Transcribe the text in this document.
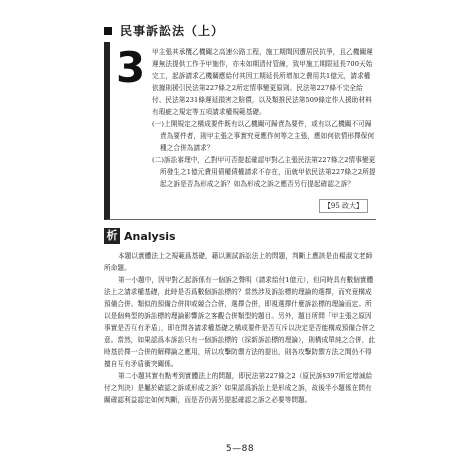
民事訴訟法（上）
3	甲主張其承攬乙機關之高速公路工程，施工期間因遭居民抗爭，且乙機關遲遲無法提供工作予甲施作，亦未如期清付管線，致甲施工期限延長700天始完工，起訴請求乙機關應給付其因工期延長所增加之費用共1億元，請求權依據則援引民法第227條之2所定情事變更原則、民法第227條不完全給付、民法第231條遲延損害之賠償，以及類推民法第509條定作人援助材料有瑕疵之規定等五項請求權規範基礎。

(一)上開規定之構成要件既有以乙機關可歸責為要件，或有以乙機關不可歸責為要件者，則甲主張之事實究竟應作何等之主張，應如何依情形擇保何種之合併為請求？

(二)訴訟審理中，乙對甲可否提起確認甲對乙主張民法第227條之2情事變更所發生之1億元費用債權債權請求不存在，而就甲依民法第227條之2所提起之訴是否為形成之訴？如為形成之訴之應否另行提起確認之訴？

【95 政大】
析 Analysis

本題以實體法上之規範爲基礎，藉以測試訴訟法上的問題，判斷上應該是由楊淑文老師所命題。

第一小題中，因甲對乙起訴係有一個訴之聲明（請求給付1億元），但同時具有數個實體法上之請求權基礎，此時是否爲數個訴訟標的？當然涉及訴訟標的理論的選擇，而究竟構成預備合併、類似的預備合併抑或競合合併，選擇合併，即視選擇什麼訴訟標的理論而定。所以是個典型的訴訟標的理論影響訴之客觀合併類型的題目。另外，題目所問「甲主張之原因事實是否互有矛盾」，即在問各請求權基礎之構成要件是否互斥以決定是否能構成預備合併之意。當然，如果認爲本訴訟只有一個訴訟標的（採新訴訟標的理論），則構成單純之合併，此時基於擇一合併的解釋論之應用，所以攻擊防禦方法的提出，則各攻擊防禦方法之間仍不得擅自互有矛盾衝突關係。

第二小題其實有點考到實體法上的問題，即民法第227條之2（原民訴§397所定增減給付之判決）是屬於確認之訴或形成之訴？如果認爲訴訟上是形成之訴，故後半小題係在問有關確認利益認定如何判斷，而是否仍需另提起確認之訴之必要等問題。

5—88
